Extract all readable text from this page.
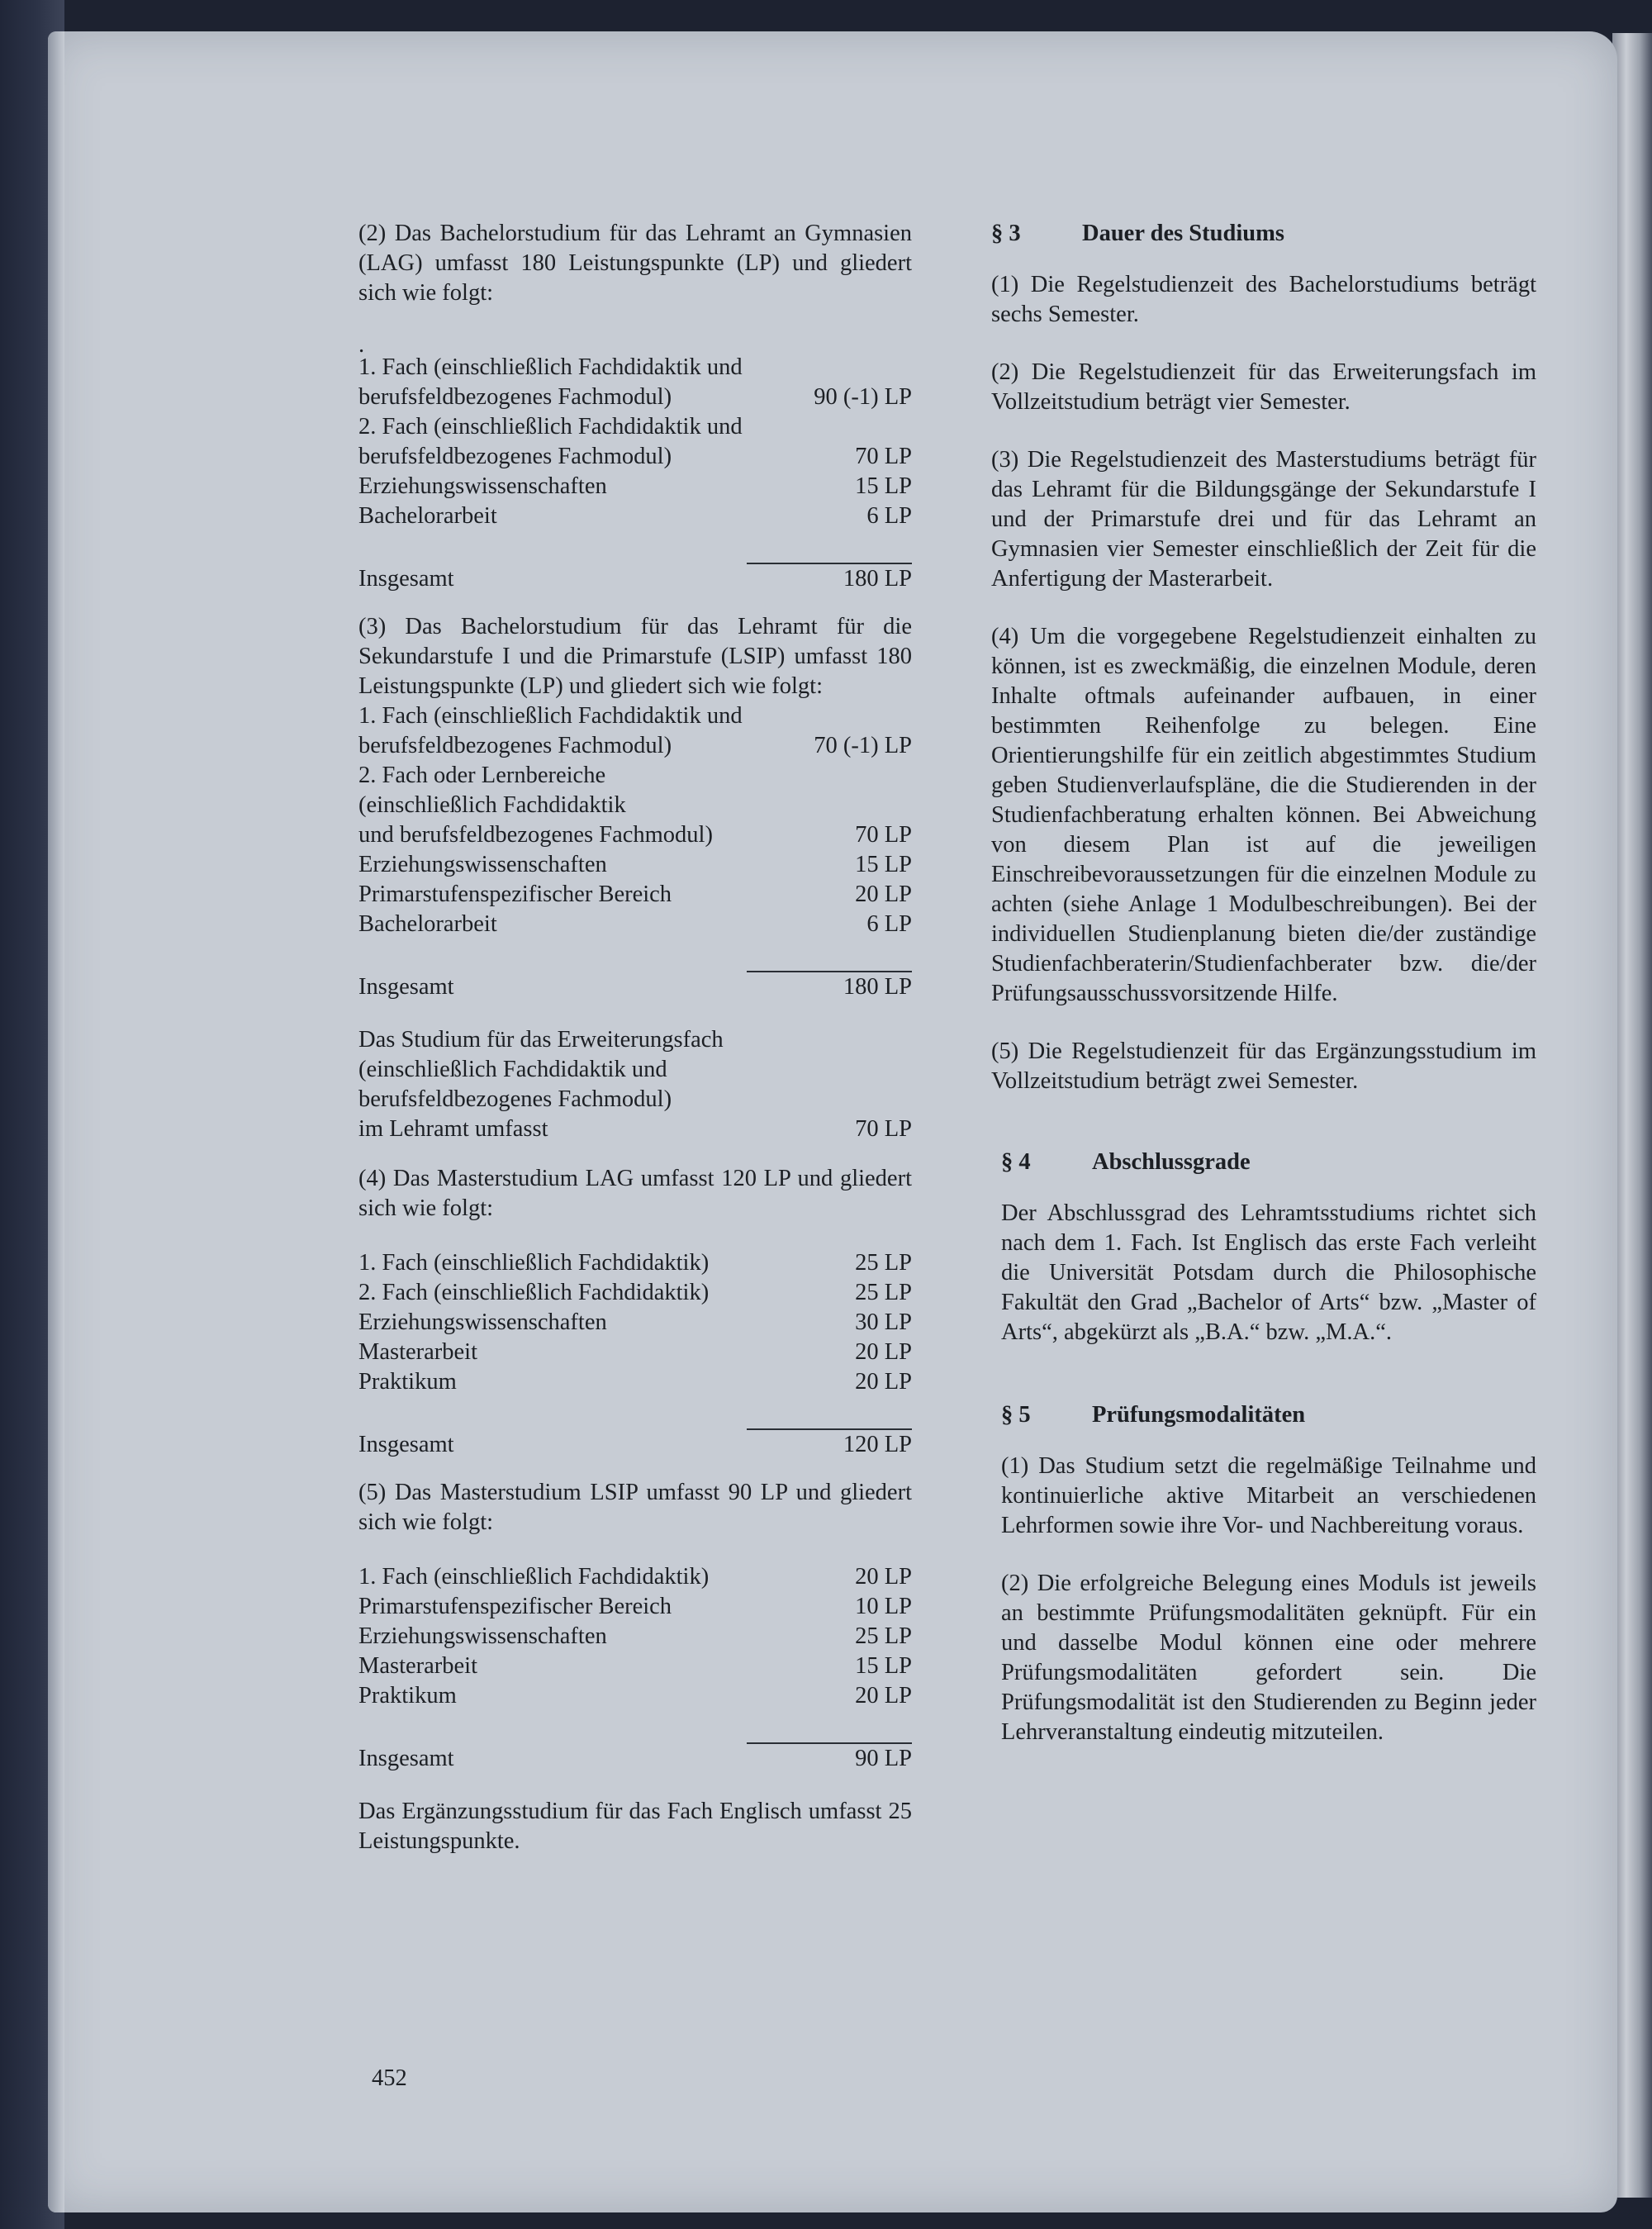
(2) Das Bachelorstudium für das Lehramt an Gymnasien (LAG) umfasst 180 Leistungspunkte (LP) und gliedert sich wie folgt:

.

1. Fach (einschließlich Fachdidaktik und
berufsfeldbezogenes Fachmodul)	90 (-1) LP
2. Fach (einschließlich Fachdidaktik und
berufsfeldbezogenes Fachmodul)	70 LP
Erziehungswissenschaften	15 LP
Bachelorarbeit	6 LP
Insgesamt	180 LP

(3) Das Bachelorstudium für das Lehramt für die Sekundarstufe I und die Primarstufe (LSIP) umfasst 180 Leistungspunkte (LP) und gliedert sich wie folgt:

1. Fach (einschließlich Fachdidaktik und
berufsfeldbezogenes Fachmodul)	70 (-1) LP
2. Fach oder Lernbereiche
(einschließlich Fachdidaktik
und berufsfeldbezogenes Fachmodul)	70 LP
Erziehungswissenschaften	15 LP
Primarstufenspezifischer Bereich	20 LP
Bachelorarbeit	6 LP
Insgesamt	180 LP
Das Studium für das Erweiterungsfach
(einschließlich Fachdidaktik und
berufsfeldbezogenes Fachmodul)
im Lehramt umfasst	70 LP

(4) Das Masterstudium LAG umfasst 120 LP und gliedert sich wie folgt:

1. Fach (einschließlich Fachdidaktik)	25 LP
2. Fach (einschließlich Fachdidaktik)	25 LP
Erziehungswissenschaften	30 LP
Masterarbeit	20 LP
Praktikum	20 LP
Insgesamt	120 LP

(5) Das Masterstudium LSIP umfasst 90 LP und gliedert sich wie folgt:

1. Fach (einschließlich Fachdidaktik)	20 LP
Primarstufenspezifischer Bereich	10 LP
Erziehungswissenschaften	25 LP
Masterarbeit	15 LP
Praktikum	20 LP
Insgesamt	90 LP

Das Ergänzungsstudium für das Fach Englisch umfasst 25 Leistungspunkte.

§ 3	Dauer des Studiums

(1) Die Regelstudienzeit des Bachelorstudiums beträgt sechs Semester.

(2) Die Regelstudienzeit für das Erweiterungsfach im Vollzeitstudium beträgt vier Semester.

(3) Die Regelstudienzeit des Masterstudiums beträgt für das Lehramt für die Bildungsgänge der Sekundarstufe I und der Primarstufe drei und für das Lehramt an Gymnasien vier Semester einschließlich der Zeit für die Anfertigung der Masterarbeit.

(4) Um die vorgegebene Regelstudienzeit einhalten zu können, ist es zweckmäßig, die einzelnen Module, deren Inhalte oftmals aufeinander aufbauen, in einer bestimmten Reihenfolge zu belegen. Eine Orientierungshilfe für ein zeitlich abgestimmtes Studium geben Studienverlaufspläne, die die Studierenden in der Studienfachberatung erhalten können. Bei Abweichung von diesem Plan ist auf die jeweiligen Einschreibevoraussetzungen für die einzelnen Module zu achten (siehe Anlage 1 Modulbeschreibungen). Bei der individuellen Studienplanung bieten die/der zuständige Studienfachberaterin/Studienfachberater bzw. die/der Prüfungsausschussvorsitzende Hilfe.

(5) Die Regelstudienzeit für das Ergänzungsstudium im Vollzeitstudium beträgt zwei Semester.

§ 4	Abschlussgrade

Der Abschlussgrad des Lehramtsstudiums richtet sich nach dem 1. Fach. Ist Englisch das erste Fach verleiht die Universität Potsdam durch die Philosophische Fakultät den Grad „Bachelor of Arts“ bzw. „Master of Arts“, abgekürzt als „B.A.“ bzw. „M.A.“.

§ 5	Prüfungsmodalitäten

(1) Das Studium setzt die regelmäßige Teilnahme und kontinuierliche aktive Mitarbeit an verschiedenen Lehrformen sowie ihre Vor- und Nachbereitung voraus.

(2) Die erfolgreiche Belegung eines Moduls ist jeweils an bestimmte Prüfungsmodalitäten geknüpft. Für ein und dasselbe Modul können eine oder mehrere Prüfungsmodalitäten gefordert sein. Die Prüfungsmodalität ist den Studierenden zu Beginn jeder Lehrveranstaltung eindeutig mitzuteilen.

452
